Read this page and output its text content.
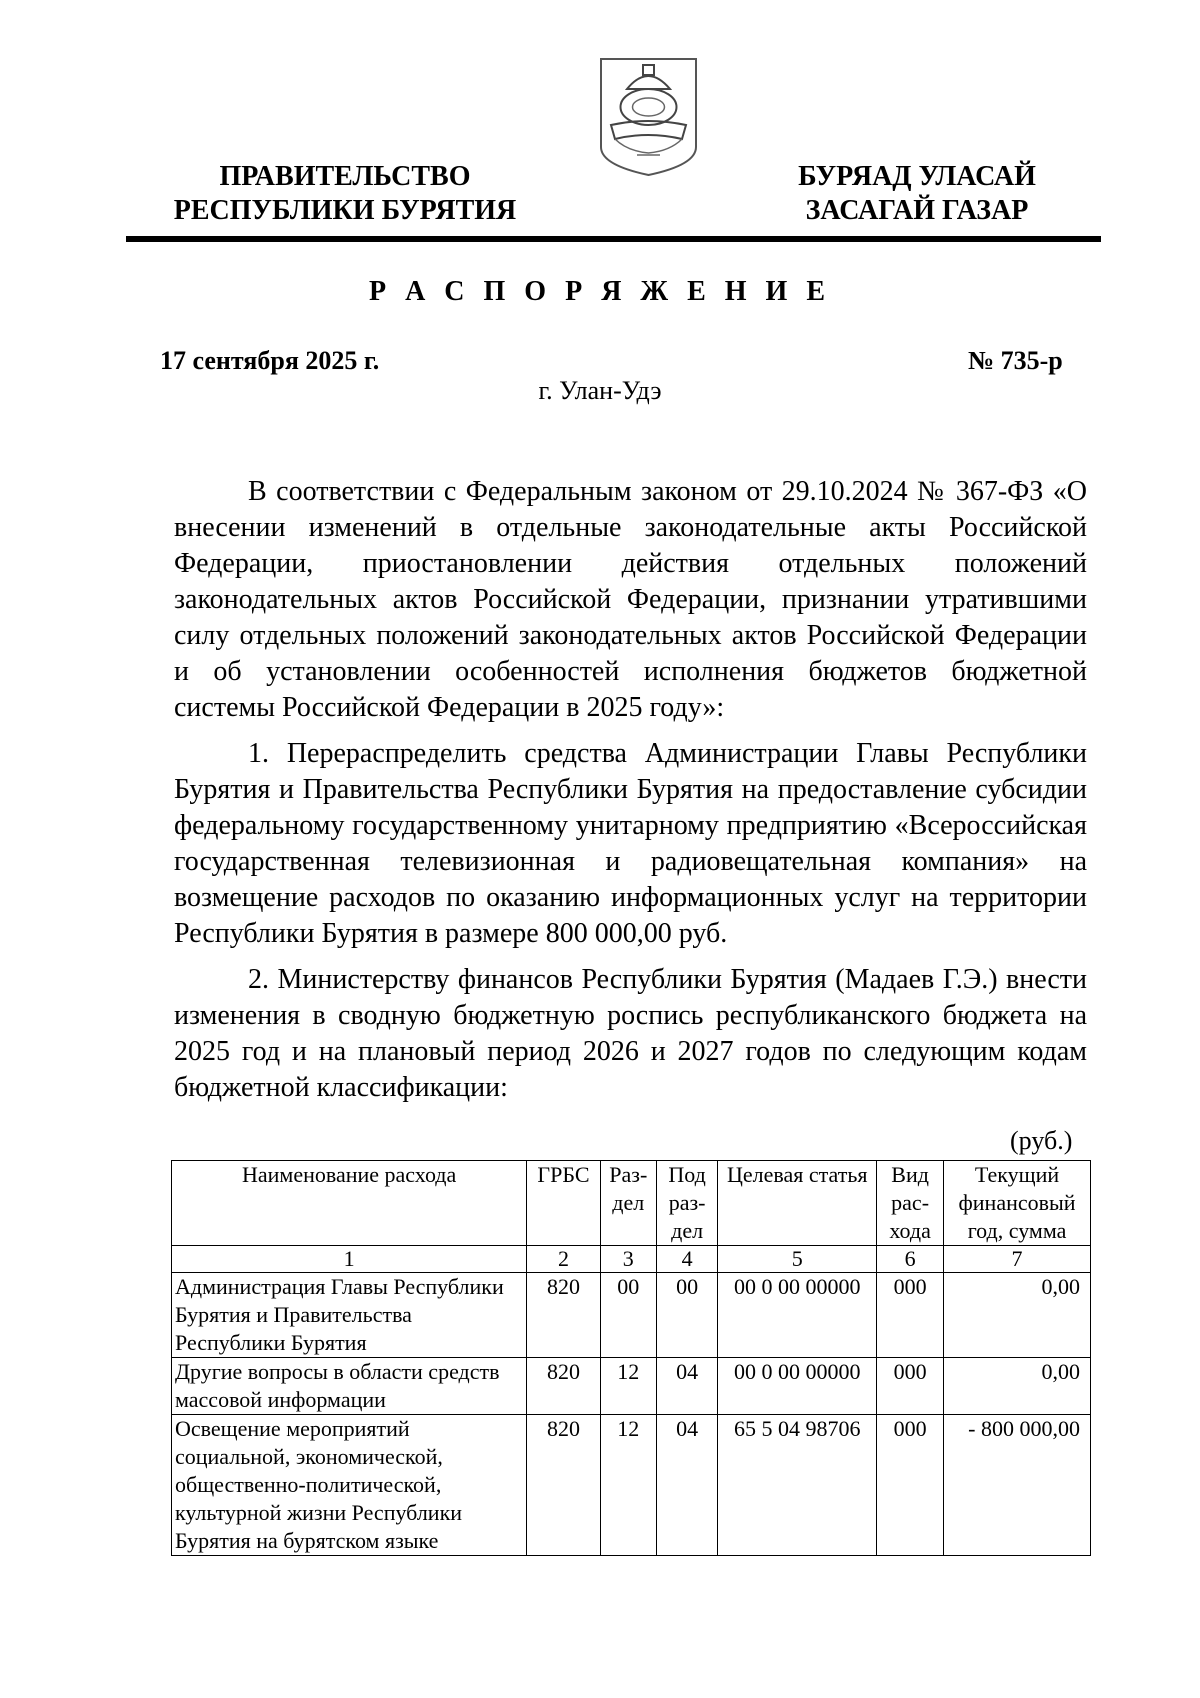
ПРАВИТЕЛЬСТВО
РЕСПУБЛИКИ БУРЯТИЯ
БУРЯАД УЛАСАЙ
ЗАСАГАЙ ГАЗАР
Р А С П О Р Я Ж Е Н И Е
17 сентября 2025 г.	№ 735-р
г. Улан-Удэ

В соответствии с Федеральным законом от 29.10.2024 № 367-ФЗ «О внесении изменений в отдельные законодательные акты Российской Федерации, приостановлении действия отдельных положений законодательных актов Российской Федерации, признании утратившими силу отдельных положений законодательных актов Российской Федерации и об установлении особенностей исполнения бюджетов бюджетной системы Российской Федерации в 2025 году»:

1. Перераспределить средства Администрации Главы Республики Бурятия и Правительства Республики Бурятия на предоставление субсидии федеральному государственному унитарному предприятию «Всероссийская государственная телевизионная и радиовещательная компания» на возмещение расходов по оказанию информационных услуг на территории Республики Бурятия в размере 800 000,00 руб.

2. Министерству финансов Республики Бурятия (Мадаев Г.Э.) внести изменения в сводную бюджетную роспись республиканского бюджета на 2025 год и на плановый период 2026 и 2027 годов по следующим кодам бюджетной классификации:

(руб.)
Наименование расхода	ГРБС	Раз-дел	Под раз-дел	Целевая статья	Вид рас-хода	Текущий финансовый год, сумма
1	2	3	4	5	6	7
Администрация Главы Республики Бурятия и Правительства Республики Бурятия	820	00	00	00 0 00 00000	000	0,00
Другие вопросы в области средств массовой информации	820	12	04	00 0 00 00000	000	0,00
Освещение мероприятий социальной, экономической, общественно-политической, культурной жизни Республики Бурятия на бурятском языке	820	12	04	65 5 04 98706	000	- 800 000,00
